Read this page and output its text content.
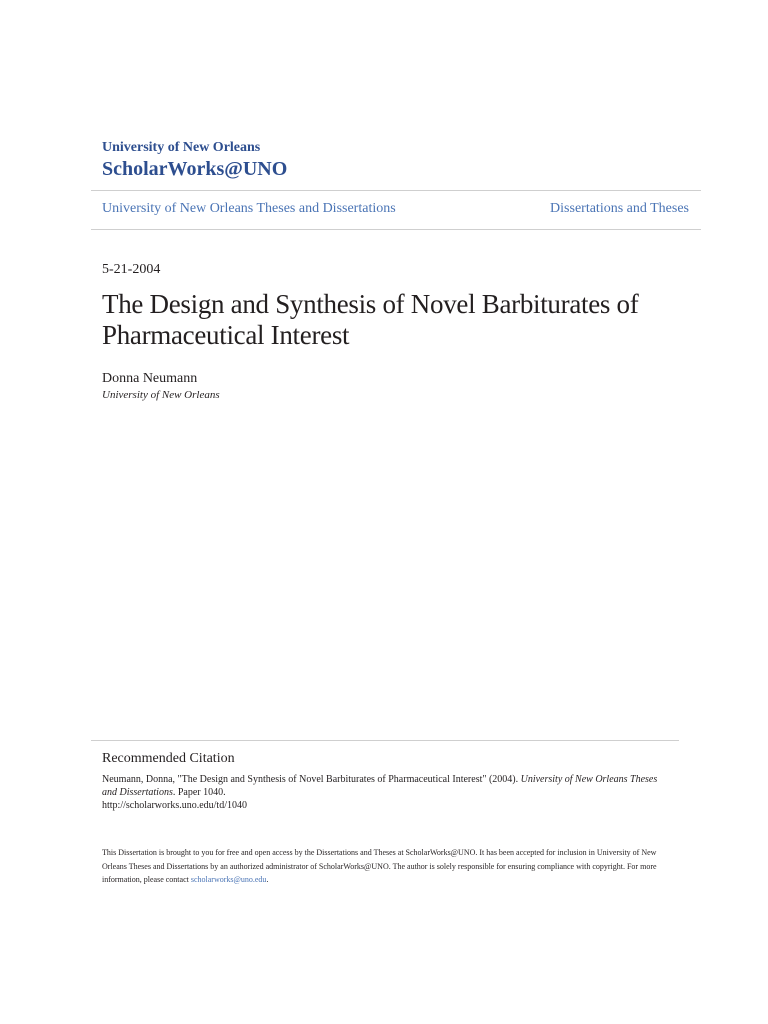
University of New Orleans
ScholarWorks@UNO
University of New Orleans Theses and Dissertations	Dissertations and Theses
5-21-2004
The Design and Synthesis of Novel Barbiturates of Pharmaceutical Interest
Donna Neumann
University of New Orleans
Recommended Citation
Neumann, Donna, "The Design and Synthesis of Novel Barbiturates of Pharmaceutical Interest" (2004). University of New Orleans Theses and Dissertations. Paper 1040.
http://scholarworks.uno.edu/td/1040
This Dissertation is brought to you for free and open access by the Dissertations and Theses at ScholarWorks@UNO. It has been accepted for inclusion in University of New Orleans Theses and Dissertations by an authorized administrator of ScholarWorks@UNO. The author is solely responsible for ensuring compliance with copyright. For more information, please contact scholarworks@uno.edu.
